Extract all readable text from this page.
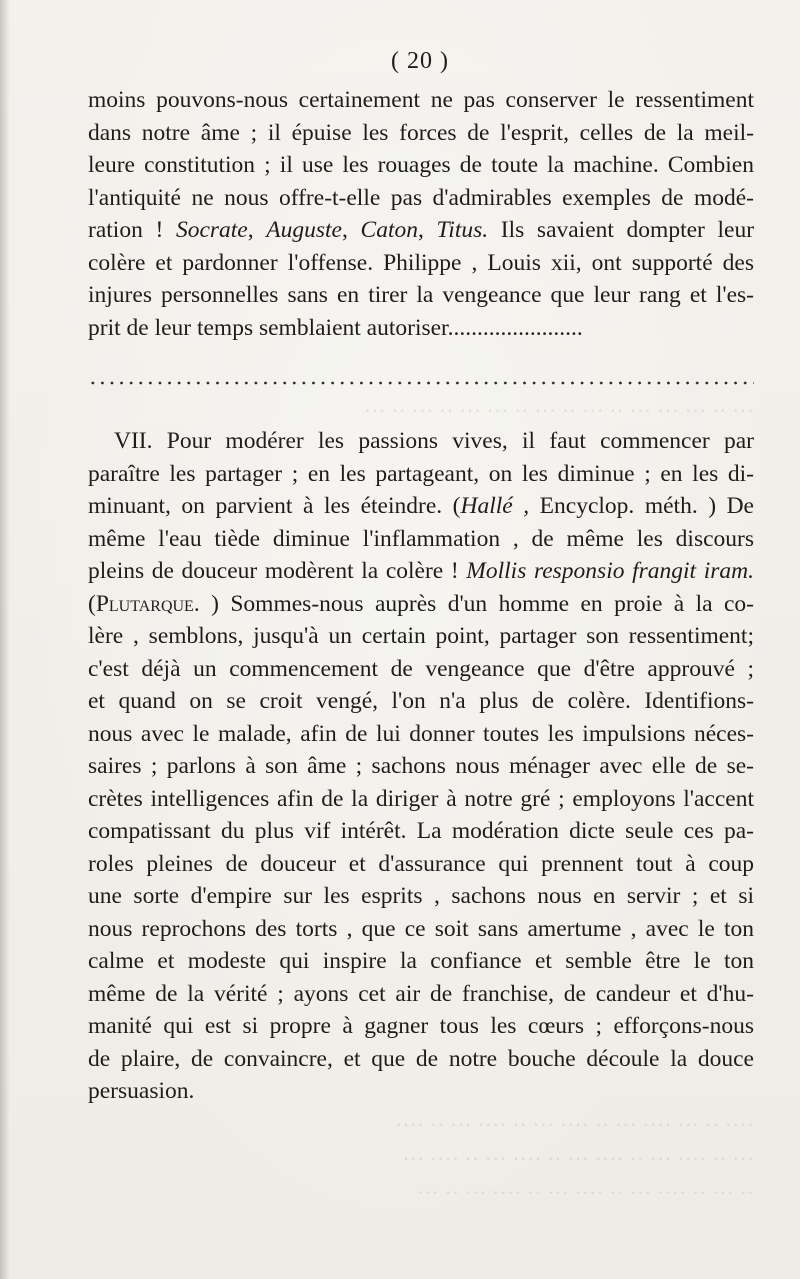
··· ·· ··· ··· ··· ·· ··· ·· ··· ·· ··· ··· ·· ··· ·· ···
···· ·· ··· ···· ··· ·· ···· ··· ·· ···· ··· ·· ····
··· ·· ···· ··· ·· ···· ··· ·· ···· ··· ·· ···· ···
·· ··· ·· ···· ··· ·· ···· ··· ·· ···· ··· ·· ···
( 20 )
moins pouvons-nous certainement ne pas conserver le ressentiment
dans notre âme ; il épuise les forces de l'esprit, celles de la meil-
leure constitution ; il use les rouages de toute la machine. Combien
l'antiquité ne nous offre-t-elle pas d'admirables exemples de modé-
ration ! Socrate, Auguste, Caton, Titus. Ils savaient dompter leur
colère et pardonner l'offense. Philippe , Louis xii, ont supporté des
injures personnelles sans en tirer la vengeance que leur rang et l'es-
prit de leur temps semblaient autoriser.......................
VII. Pour modérer les passions vives, il faut commencer par
paraître les partager ; en les partageant, on les diminue ; en les di-
minuant, on parvient à les éteindre. (Hallé , Encyclop. méth. ) De
même l'eau tiède diminue l'inflammation , de même les discours
pleins de douceur modèrent la colère ! Mollis responsio frangit iram.
(Plutarque. ) Sommes-nous auprès d'un homme en proie à la co-
lère , semblons, jusqu'à un certain point, partager son ressentiment;
c'est déjà un commencement de vengeance que d'être approuvé ;
et quand on se croit vengé, l'on n'a plus de colère. Identifions-
nous avec le malade, afin de lui donner toutes les impulsions néces-
saires ; parlons à son âme ; sachons nous ménager avec elle de se-
crètes intelligences afin de la diriger à notre gré ; employons l'accent
compatissant du plus vif intérêt. La modération dicte seule ces pa-
roles pleines de douceur et d'assurance qui prennent tout à coup
une sorte d'empire sur les esprits , sachons nous en servir ; et si
nous reprochons des torts , que ce soit sans amertume , avec le ton
calme et modeste qui inspire la confiance et semble être le ton
même de la vérité ; ayons cet air de franchise, de candeur et d'hu-
manité qui est si propre à gagner tous les cœurs ; efforçons-nous
de plaire, de convaincre, et que de notre bouche découle la douce
persuasion.
